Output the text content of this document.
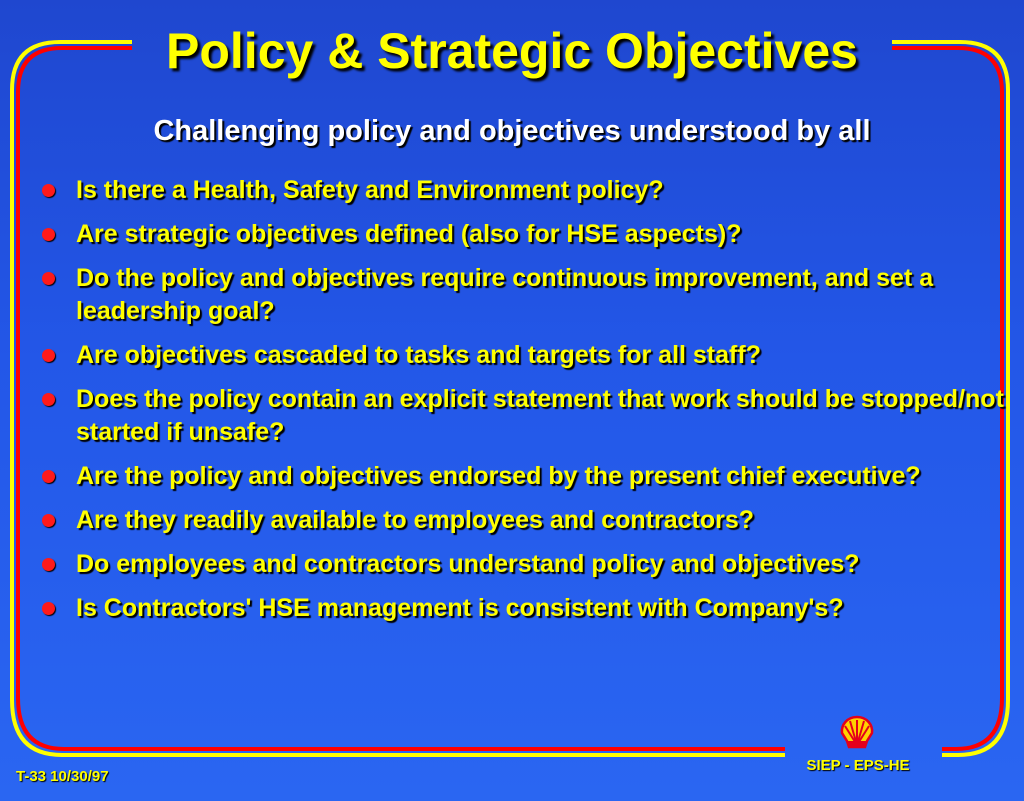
Policy & Strategic Objectives
Challenging policy and objectives understood by all
Is there a Health, Safety and Environment policy?
Are strategic objectives defined (also for HSE aspects)?
Do the policy and objectives require continuous improvement, and set a leadership goal?
Are objectives cascaded to tasks and targets for all staff?
Does the policy contain an explicit statement that work should be stopped/not started if unsafe?
Are the policy and objectives endorsed by the present chief executive?
Are they readily available to employees and contractors?
Do employees and contractors understand policy and objectives?
Is Contractors' HSE management is consistent with Company's?
SIEP - EPS-HE
T-33 10/30/97
